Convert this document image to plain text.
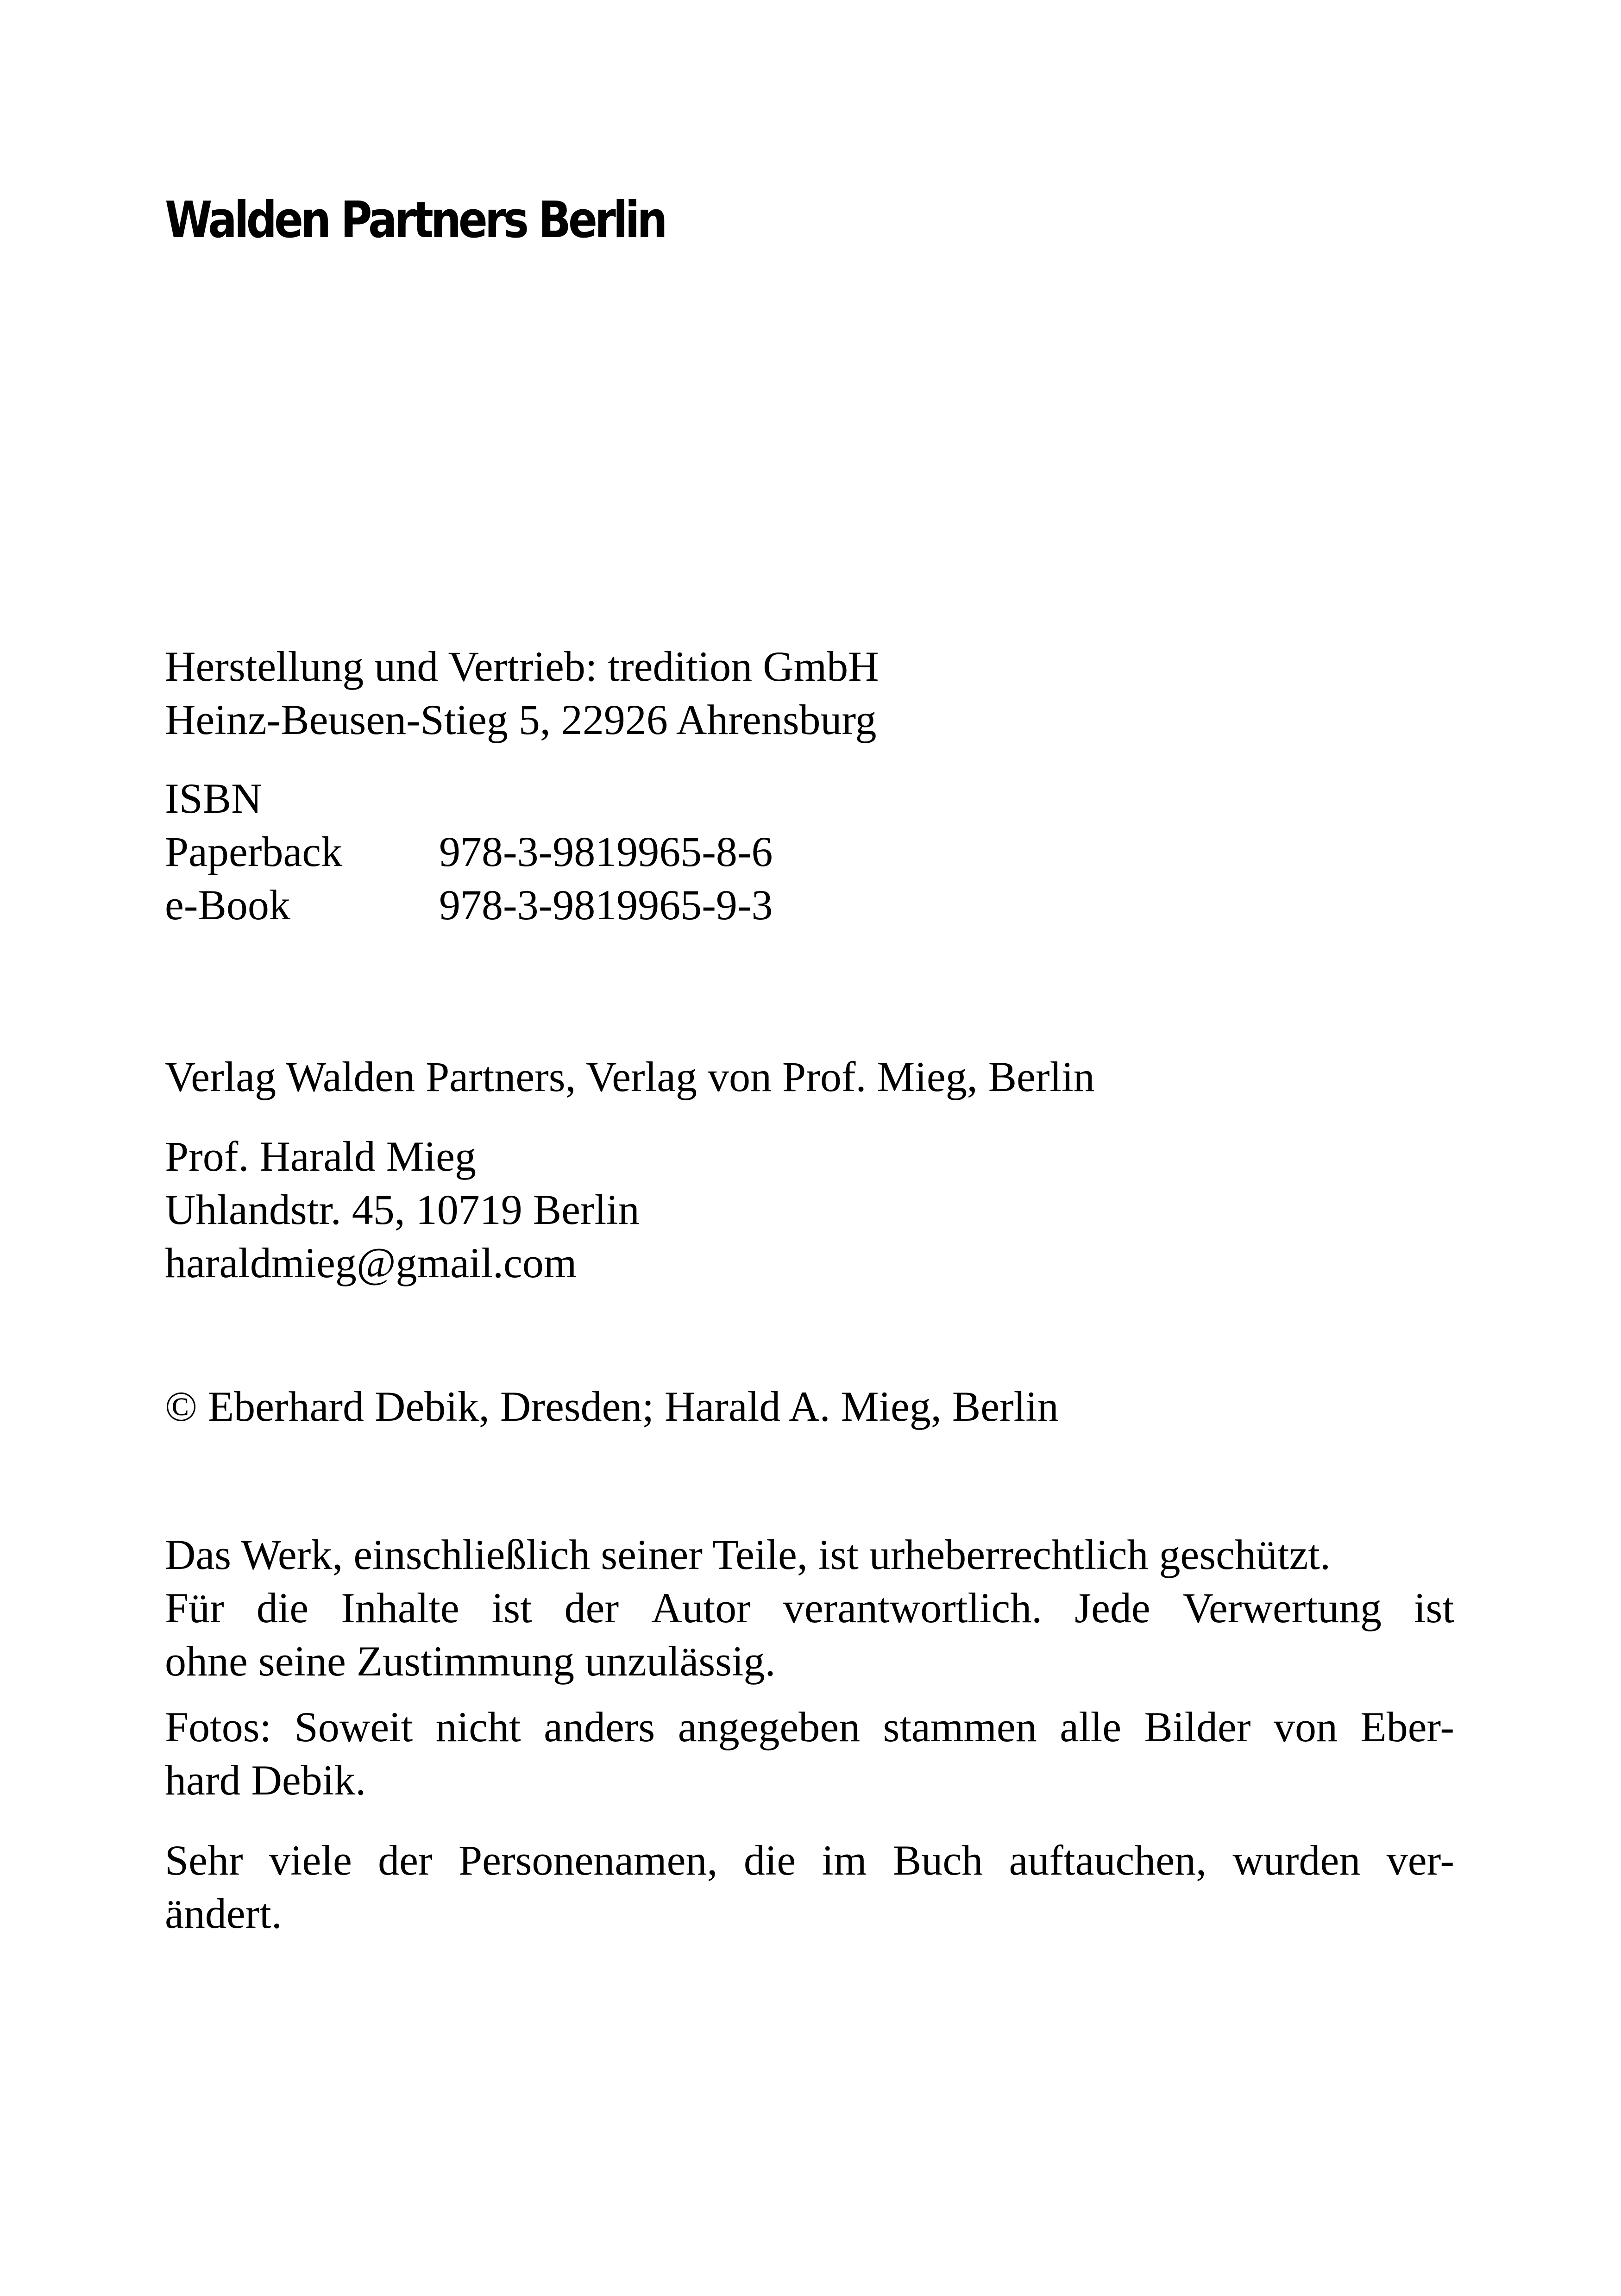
Walden Partners Berlin
Herstellung und Vertrieb: tredition GmbH
Heinz-Beusen-Stieg 5, 22926 Ahrensburg
ISBN
Paperback	978-3-9819965-8-6
e-Book	978-3-9819965-9-3
Verlag Walden Partners, Verlag von Prof. Mieg, Berlin
Prof. Harald Mieg
Uhlandstr. 45, 10719 Berlin
haraldmieg@gmail.com
© Eberhard Debik, Dresden; Harald A. Mieg, Berlin
Das Werk, einschließlich seiner Teile, ist urheberrechtlich geschützt.
Für die Inhalte ist der Autor verantwortlich. Jede Verwertung ist
ohne seine Zustimmung unzulässig.
Fotos: Soweit nicht anders angegeben stammen alle Bilder von Eber-
hard Debik.
Sehr viele der Personenamen, die im Buch auftauchen, wurden ver-
ändert.
